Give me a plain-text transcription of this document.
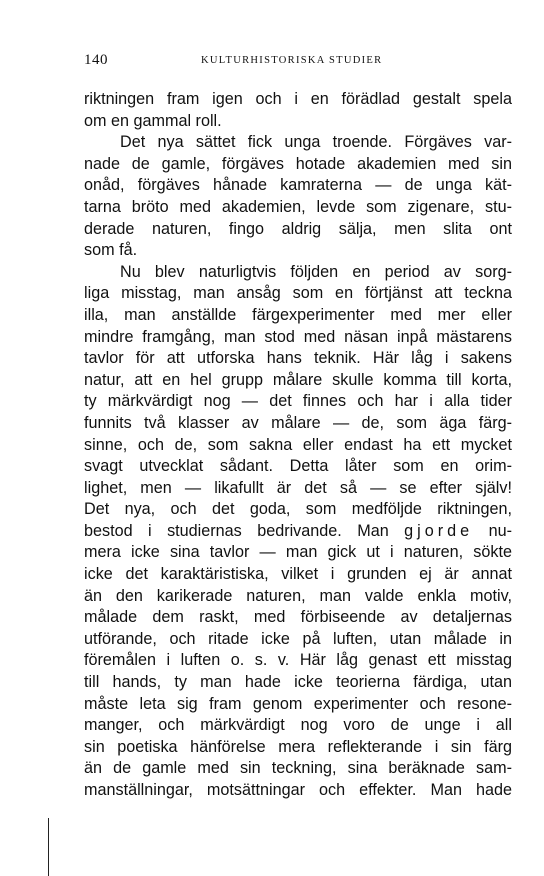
140	KULTURHISTORISKA STUDIER
riktningen fram igen och i en förädlad gestalt spela
om en gammal roll.
Det nya sättet fick unga troende. Förgäves var-
nade de gamle, förgäves hotade akademien med sin
onåd, förgäves hånade kamraterna — de unga kät-
tarna bröto med akademien, levde som zigenare, stu-
derade naturen, fingo aldrig sälja, men slita ont
som få.
Nu blev naturligtvis följden en period av sorg-
liga misstag, man ansåg som en förtjänst att teckna
illa, man anställde färgexperimenter med mer eller
mindre framgång, man stod med näsan inpå mästarens
tavlor för att utforska hans teknik. Här låg i sakens
natur, att en hel grupp målare skulle komma till korta,
ty märkvärdigt nog — det finnes och har i alla tider
funnits två klasser av målare — de, som äga färg-
sinne, och de, som sakna eller endast ha ett mycket
svagt utvecklat sådant. Detta låter som en orim-
lighet, men — likafullt är det så — se efter själv!
Det nya, och det goda, som medföljde riktningen,
bestod i studiernas bedrivande. Man gjorde nu-
mera icke sina tavlor — man gick ut i naturen, sökte
icke det karaktäristiska, vilket i grunden ej är annat
än den karikerade naturen, man valde enkla motiv,
målade dem raskt, med förbiseende av detaljernas
utförande, och ritade icke på luften, utan målade in
föremålen i luften o. s. v. Här låg genast ett misstag
till hands, ty man hade icke teorierna färdiga, utan
måste leta sig fram genom experimenter och resone-
manger, och märkvärdigt nog voro de unge i all
sin poetiska hänförelse mera reflekterande i sin färg
än de gamle med sin teckning, sina beräknade sam-
manställningar, motsättningar och effekter. Man hade
